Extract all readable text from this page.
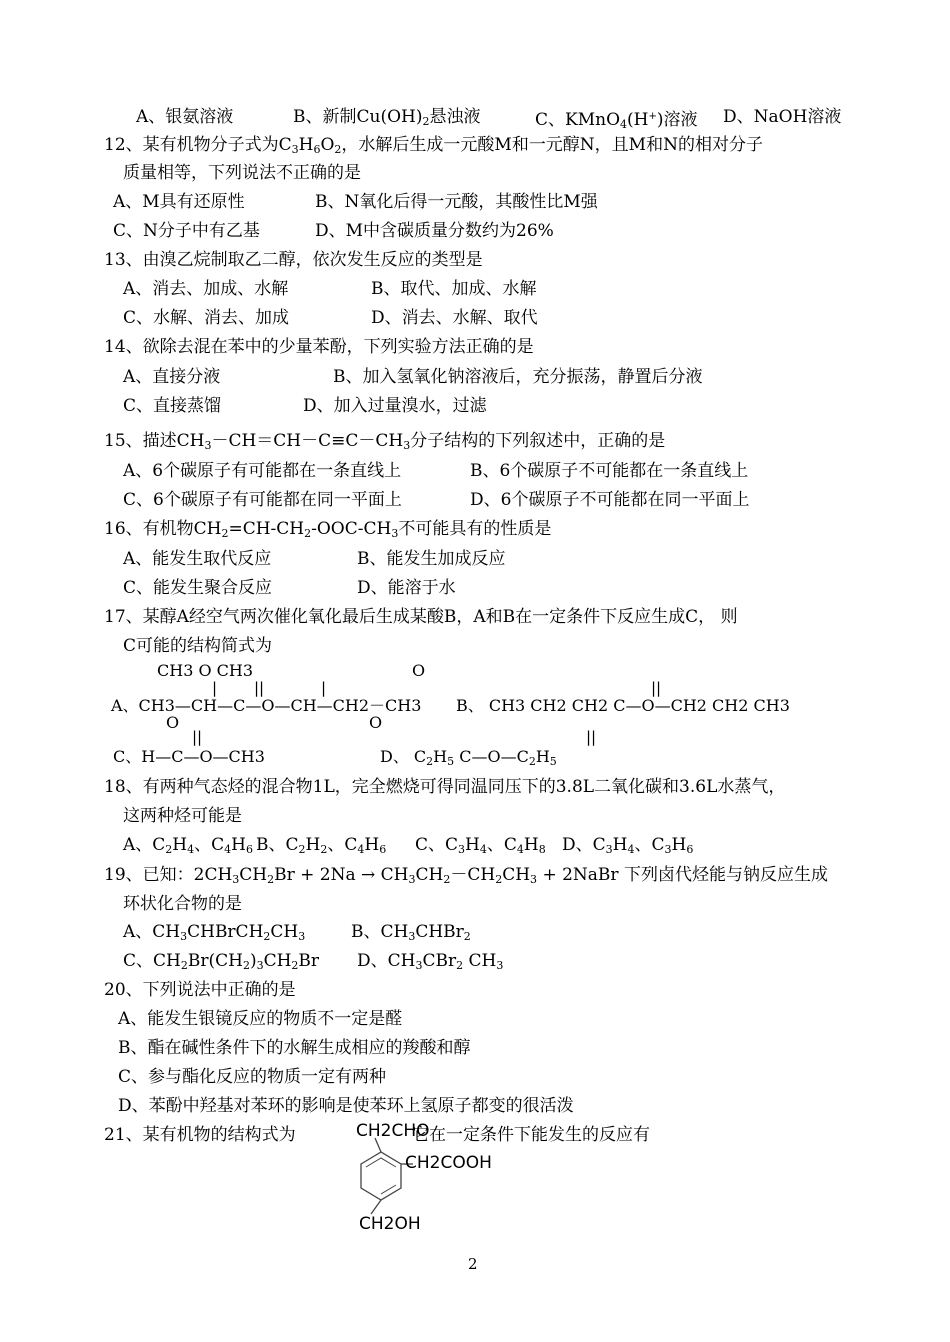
A、银氨溶液	B、新制Cu(OH)2悬浊液	C、KMnO4(H+)溶液 D、NaOH溶液
12、某有机物分子式为C3H6O2，水解后生成一元酸M和一元醇N，且M和N的相对分子
质量相等，下列说法不正确的是
A、M具有还原性	B、N氧化后得一元酸，其酸性比M强
C、N分子中有乙基	D、M中含碳质量分数约为26%
13、由溴乙烷制取乙二醇，依次发生反应的类型是
A、消去、加成、水解	B、取代、加成、水解
C、水解、消去、加成	D、消去、水解、取代
14、欲除去混在苯中的少量苯酚，下列实验方法正确的是
A、直接分液	B、加入氢氧化钠溶液后，充分振荡，静置后分液
C、直接蒸馏	D、加入过量溴水，过滤
15、描述CH3－CH＝CH－C≡C－CH3分子结构的下列叙述中，正确的是
A、6个碳原子有可能都在一条直线上	B、6个碳原子不可能都在一条直线上
C、6个碳原子有可能都在同一平面上	D、6个碳原子不可能都在同一平面上
16、有机物CH2=CH-CH2-OOC-CH3不可能具有的性质是
A、能发生取代反应	B、能发生加成反应
C、能发生聚合反应	D、能溶于水
17、某醇A经空气两次催化氧化最后生成某酸B，A和B在一定条件下反应生成C， 则
C可能的结构简式为
CH3 O CH3
| ||	|
A、CH3—CH—C—O—CH—CH2－CH3
O
||
B、 CH3 CH2 CH2 C—O—CH2 CH2 CH3
O
||
C、H—C—O—CH3
O
||
D、 C2H5 C—O—C2H5
18、有两种气态烃的混合物1L，完全燃烧可得同温同压下的3.8L二氧化碳和3.6L水蒸气，
这两种烃可能是
A、C2H4、C4H6 B、C2H2、C4H6 C、C3H4、C4H8 D、C3H4、C3H6
19、已知：2CH3CH2Br + 2Na → CH3CH2－CH2CH3 + 2NaBr 下列卤代烃能与钠反应生成
环状化合物的是
A、CH3CHBrCH2CH3	B、CH3CHBr2
C、CH2Br(CH2)3CH2Br D、CH3CBr2 CH3
20、下列说法中正确的是
A、能发生银镜反应的物质不一定是醛
B、酯在碱性条件下的水解生成相应的羧酸和醇
C、参与酯化反应的物质一定有两种
D、苯酚中羟基对苯环的影响是使苯环上氢原子都变的很活泼
21、某有机物的结构式为	它在一定条件下能发生的反应有
CH2CHO
CH2COOH
CH2OH
2
